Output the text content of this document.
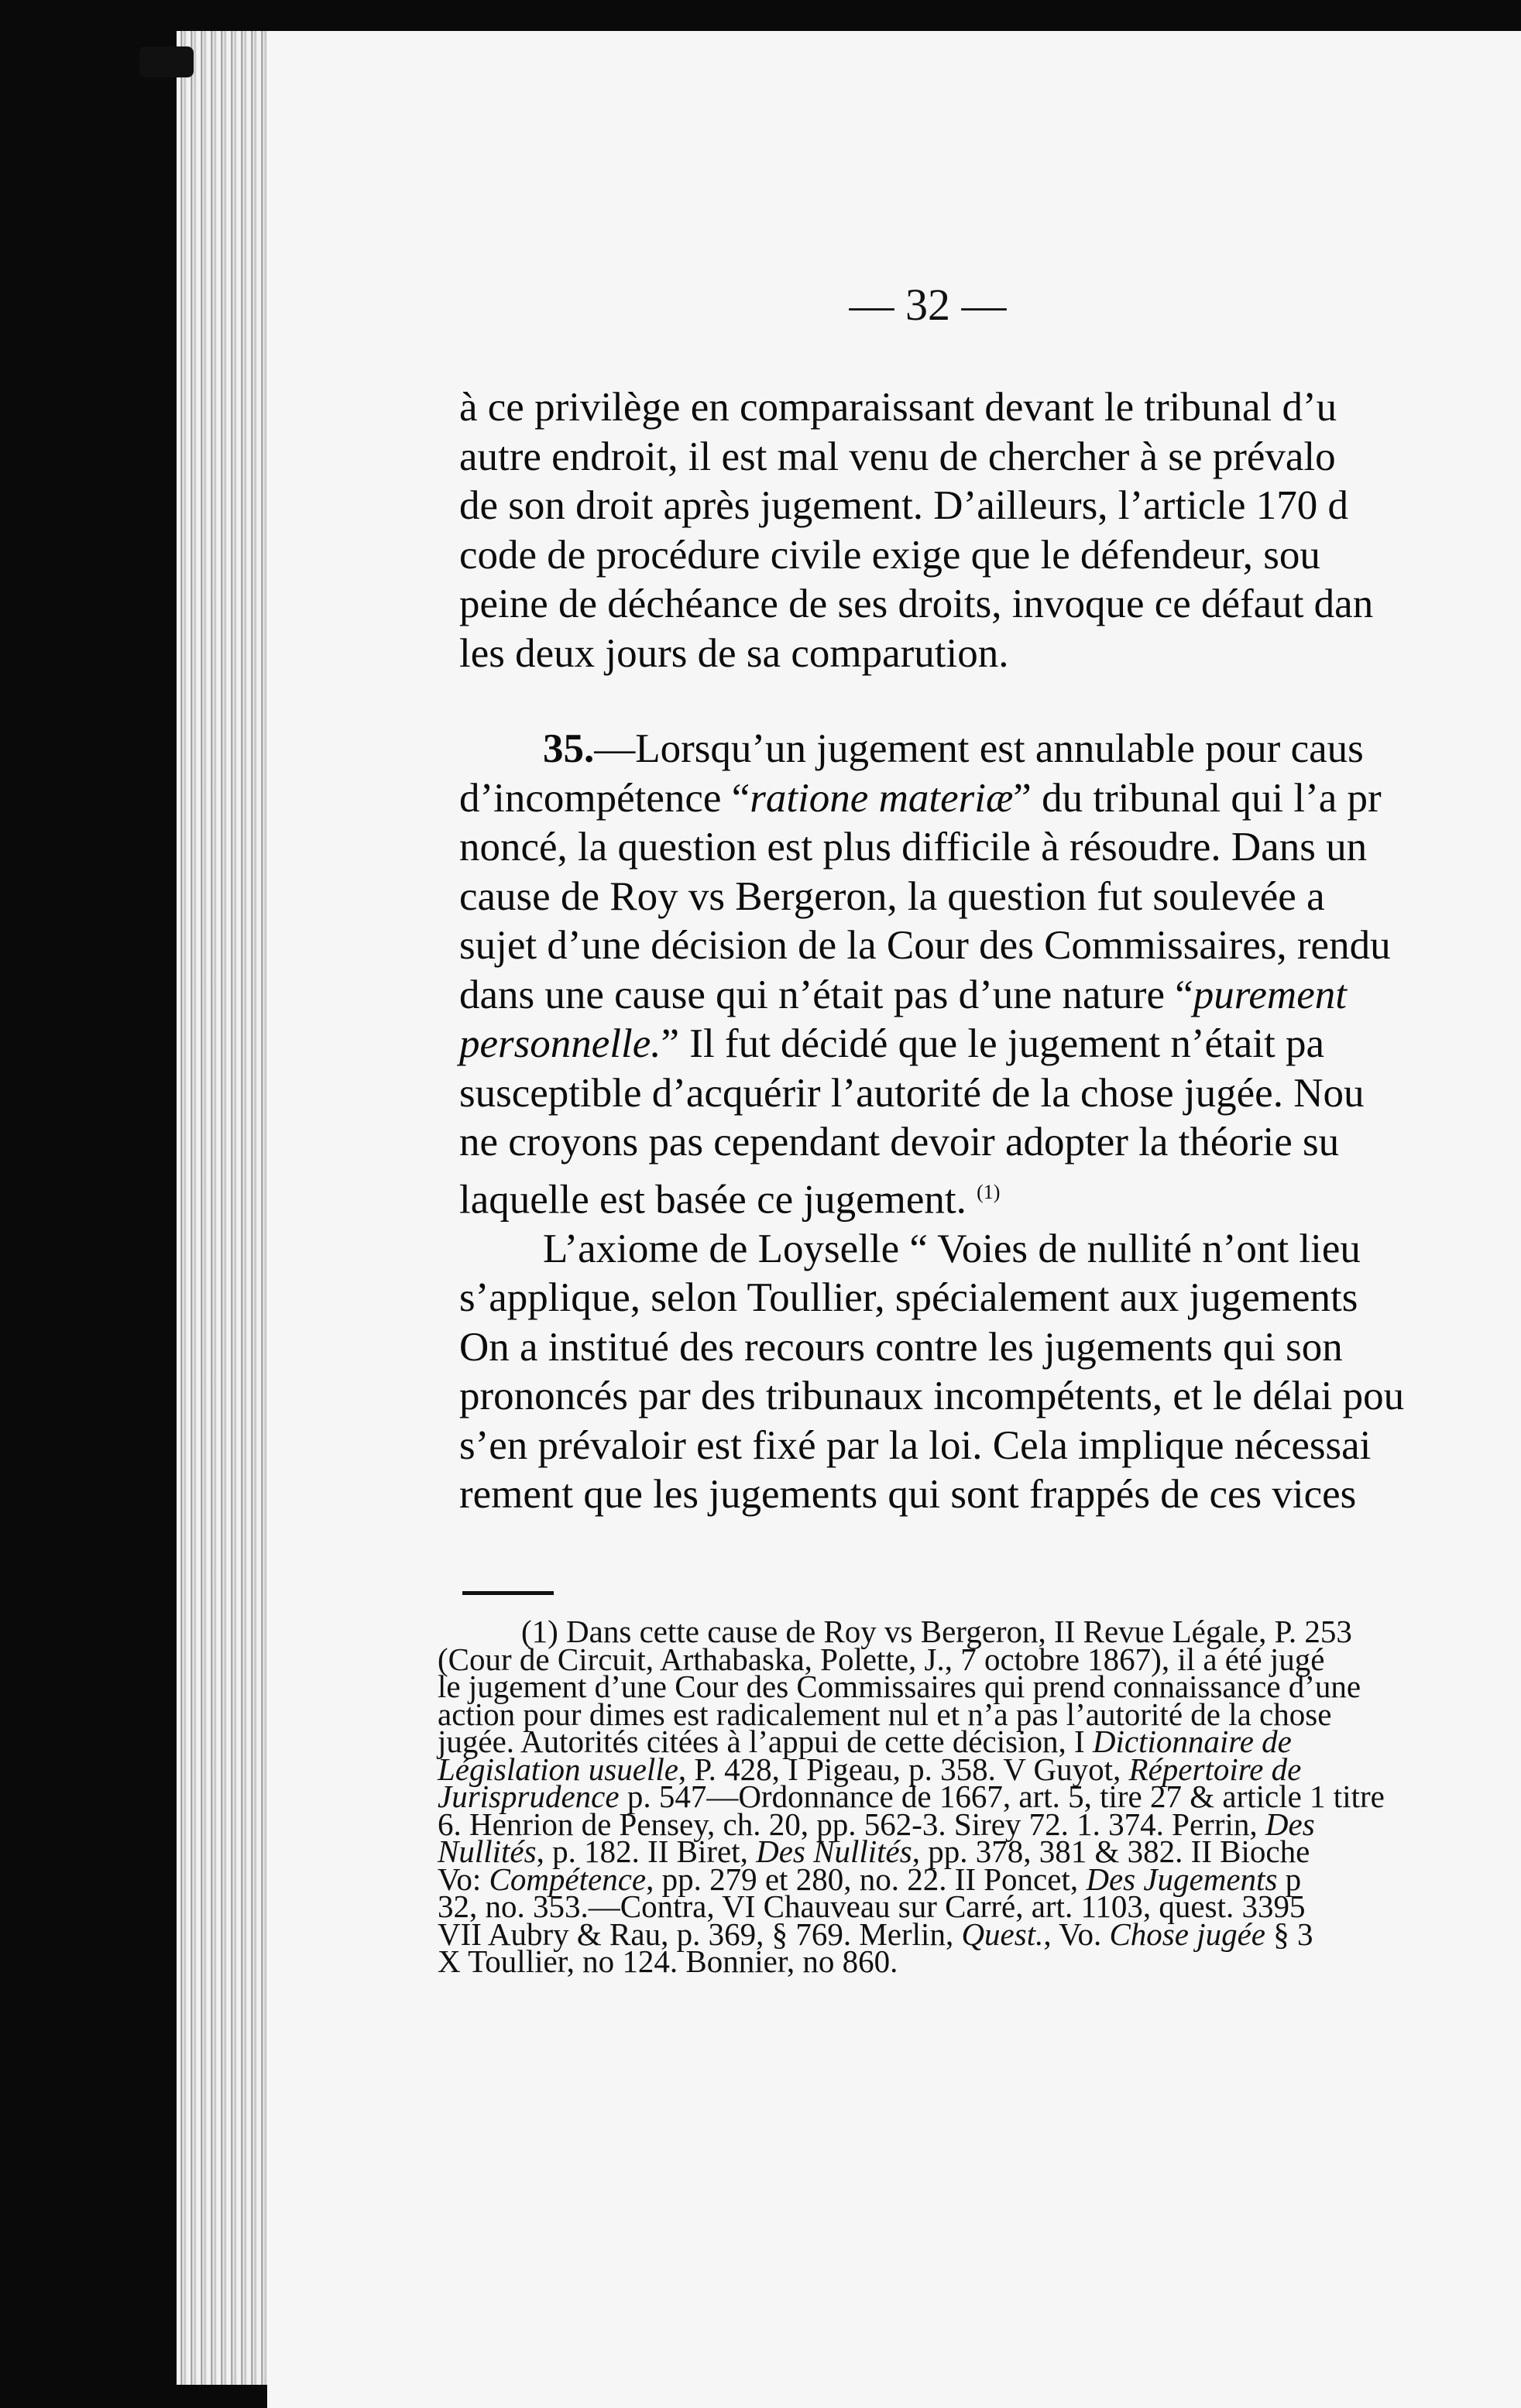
— 32 —
à ce privilège en comparaissant devant le tribunal d’u
autre endroit, il est mal venu de chercher à se prévalo
de son droit après jugement. D’ailleurs, l’article 170 d
code de procédure civile exige que le défendeur, sou
peine de déchéance de ses droits, invoque ce défaut dan
les deux jours de sa comparution.
35.—Lorsqu’un jugement est annulable pour caus
d’incompétence “ratione materiæ” du tribunal qui l’a pr
noncé, la question est plus difficile à résoudre. Dans un
cause de Roy vs Bergeron, la question fut soulevée a
sujet d’une décision de la Cour des Commissaires, rendu
dans une cause qui n’était pas d’une nature “purement
personnelle.” Il fut décidé que le jugement n’était pa
susceptible d’acquérir l’autorité de la chose jugée. Nou
ne croyons pas cependant devoir adopter la théorie su
laquelle est basée ce jugement. $^{(1)}$
L’axiome de Loyselle “ Voies de nullité n’ont lieu
s’applique, selon Toullier, spécialement aux jugements
On a institué des recours contre les jugements qui son
prononcés par des tribunaux incompétents, et le délai pou
s’en prévaloir est fixé par la loi. Cela implique nécessai
rement que les jugements qui sont frappés de ces vices
(1) Dans cette cause de Roy vs Bergeron, II Revue Légale, P. 253
(Cour de Circuit, Arthabaska, Polette, J., 7 octobre 1867), il a été jugé
le jugement d’une Cour des Commissaires qui prend connaissance d’une
action pour dimes est radicalement nul et n’a pas l’autorité de la chose
jugée. Autorités citées à l’appui de cette décision, I Dictionnaire de
Législation usuelle, P. 428, I Pigeau, p. 358. V Guyot, Répertoire de
Jurisprudence p. 547—Ordonnance de 1667, art. 5, tire 27 & article 1 titre
6. Henrion de Pensey, ch. 20, pp. 562-3. Sirey 72. 1. 374. Perrin, Des
Nullités, p. 182. II Biret, Des Nullités, pp. 378, 381 & 382. II Bioche
Vo: Compétence, pp. 279 et 280, no. 22. II Poncet, Des Jugements p
32, no. 353.—Contra, VI Chauveau sur Carré, art. 1103, quest. 3395
VII Aubry & Rau, p. 369, § 769. Merlin, Quest., Vo. Chose jugée § 3
X Toullier, no 124. Bonnier, no 860.
